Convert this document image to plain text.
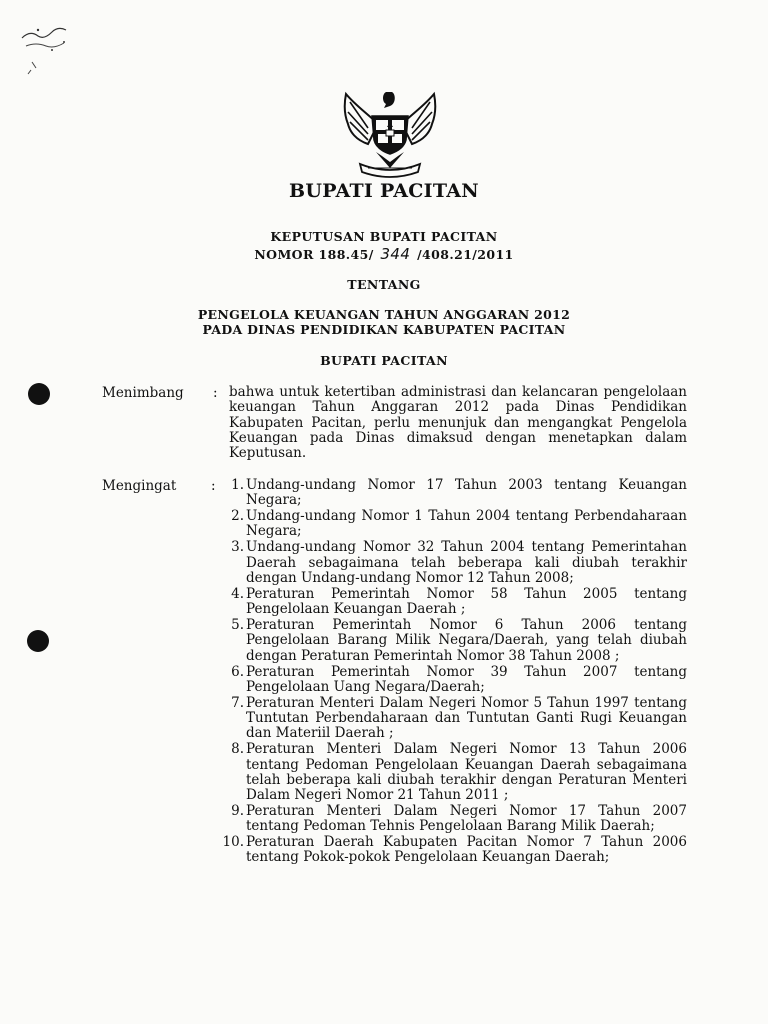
BUPATI PACITAN
KEPUTUSAN BUPATI PACITAN
NOMOR 188.45/ 344 /408.21/2011
TENTANG
PENGELOLA KEUANGAN TAHUN ANGGARAN 2012
PADA DINAS PENDIDIKAN KABUPATEN PACITAN
BUPATI PACITAN
Menimbang : bahwa untuk ketertiban administrasi dan kelancaran pengelolaan keuangan Tahun Anggaran 2012 pada Dinas Pendidikan Kabupaten Pacitan, perlu menunjuk dan mengangkat Pengelola Keuangan pada Dinas dimaksud dengan menetapkan dalam Keputusan.
Mengingat	:	1. Undang-undang Nomor 17 Tahun 2003 tentang Keuangan Negara;
2. Undang-undang Nomor 1 Tahun 2004 tentang Perbendaharaan Negara;
3. Undang-undang Nomor 32 Tahun 2004 tentang Pemerintahan Daerah sebagaimana telah beberapa kali diubah terakhir dengan Undang-undang Nomor 12 Tahun 2008;
4. Peraturan Pemerintah Nomor 58 Tahun 2005 tentang Pengelolaan Keuangan Daerah ;
5. Peraturan Pemerintah Nomor 6 Tahun 2006 tentang Pengelolaan Barang Milik Negara/Daerah, yang telah diubah dengan Peraturan Pemerintah Nomor 38 Tahun 2008 ;
6. Peraturan Pemerintah Nomor 39 Tahun 2007 tentang Pengelolaan Uang Negara/Daerah;
7. Peraturan Menteri Dalam Negeri Nomor 5 Tahun 1997 tentang Tuntutan Perbendaharaan dan Tuntutan Ganti Rugi Keuangan dan Materiil Daerah ;
8. Peraturan Menteri Dalam Negeri Nomor 13 Tahun 2006 tentang Pedoman Pengelolaan Keuangan Daerah sebagaimana telah beberapa kali diubah terakhir dengan Peraturan Menteri Dalam Negeri Nomor 21 Tahun 2011 ;
9. Peraturan Menteri Dalam Negeri Nomor 17 Tahun 2007 tentang Pedoman Tehnis Pengelolaan Barang Milik Daerah;
10. Peraturan Daerah Kabupaten Pacitan Nomor 7 Tahun 2006 tentang Pokok-pokok Pengelolaan Keuangan Daerah;
